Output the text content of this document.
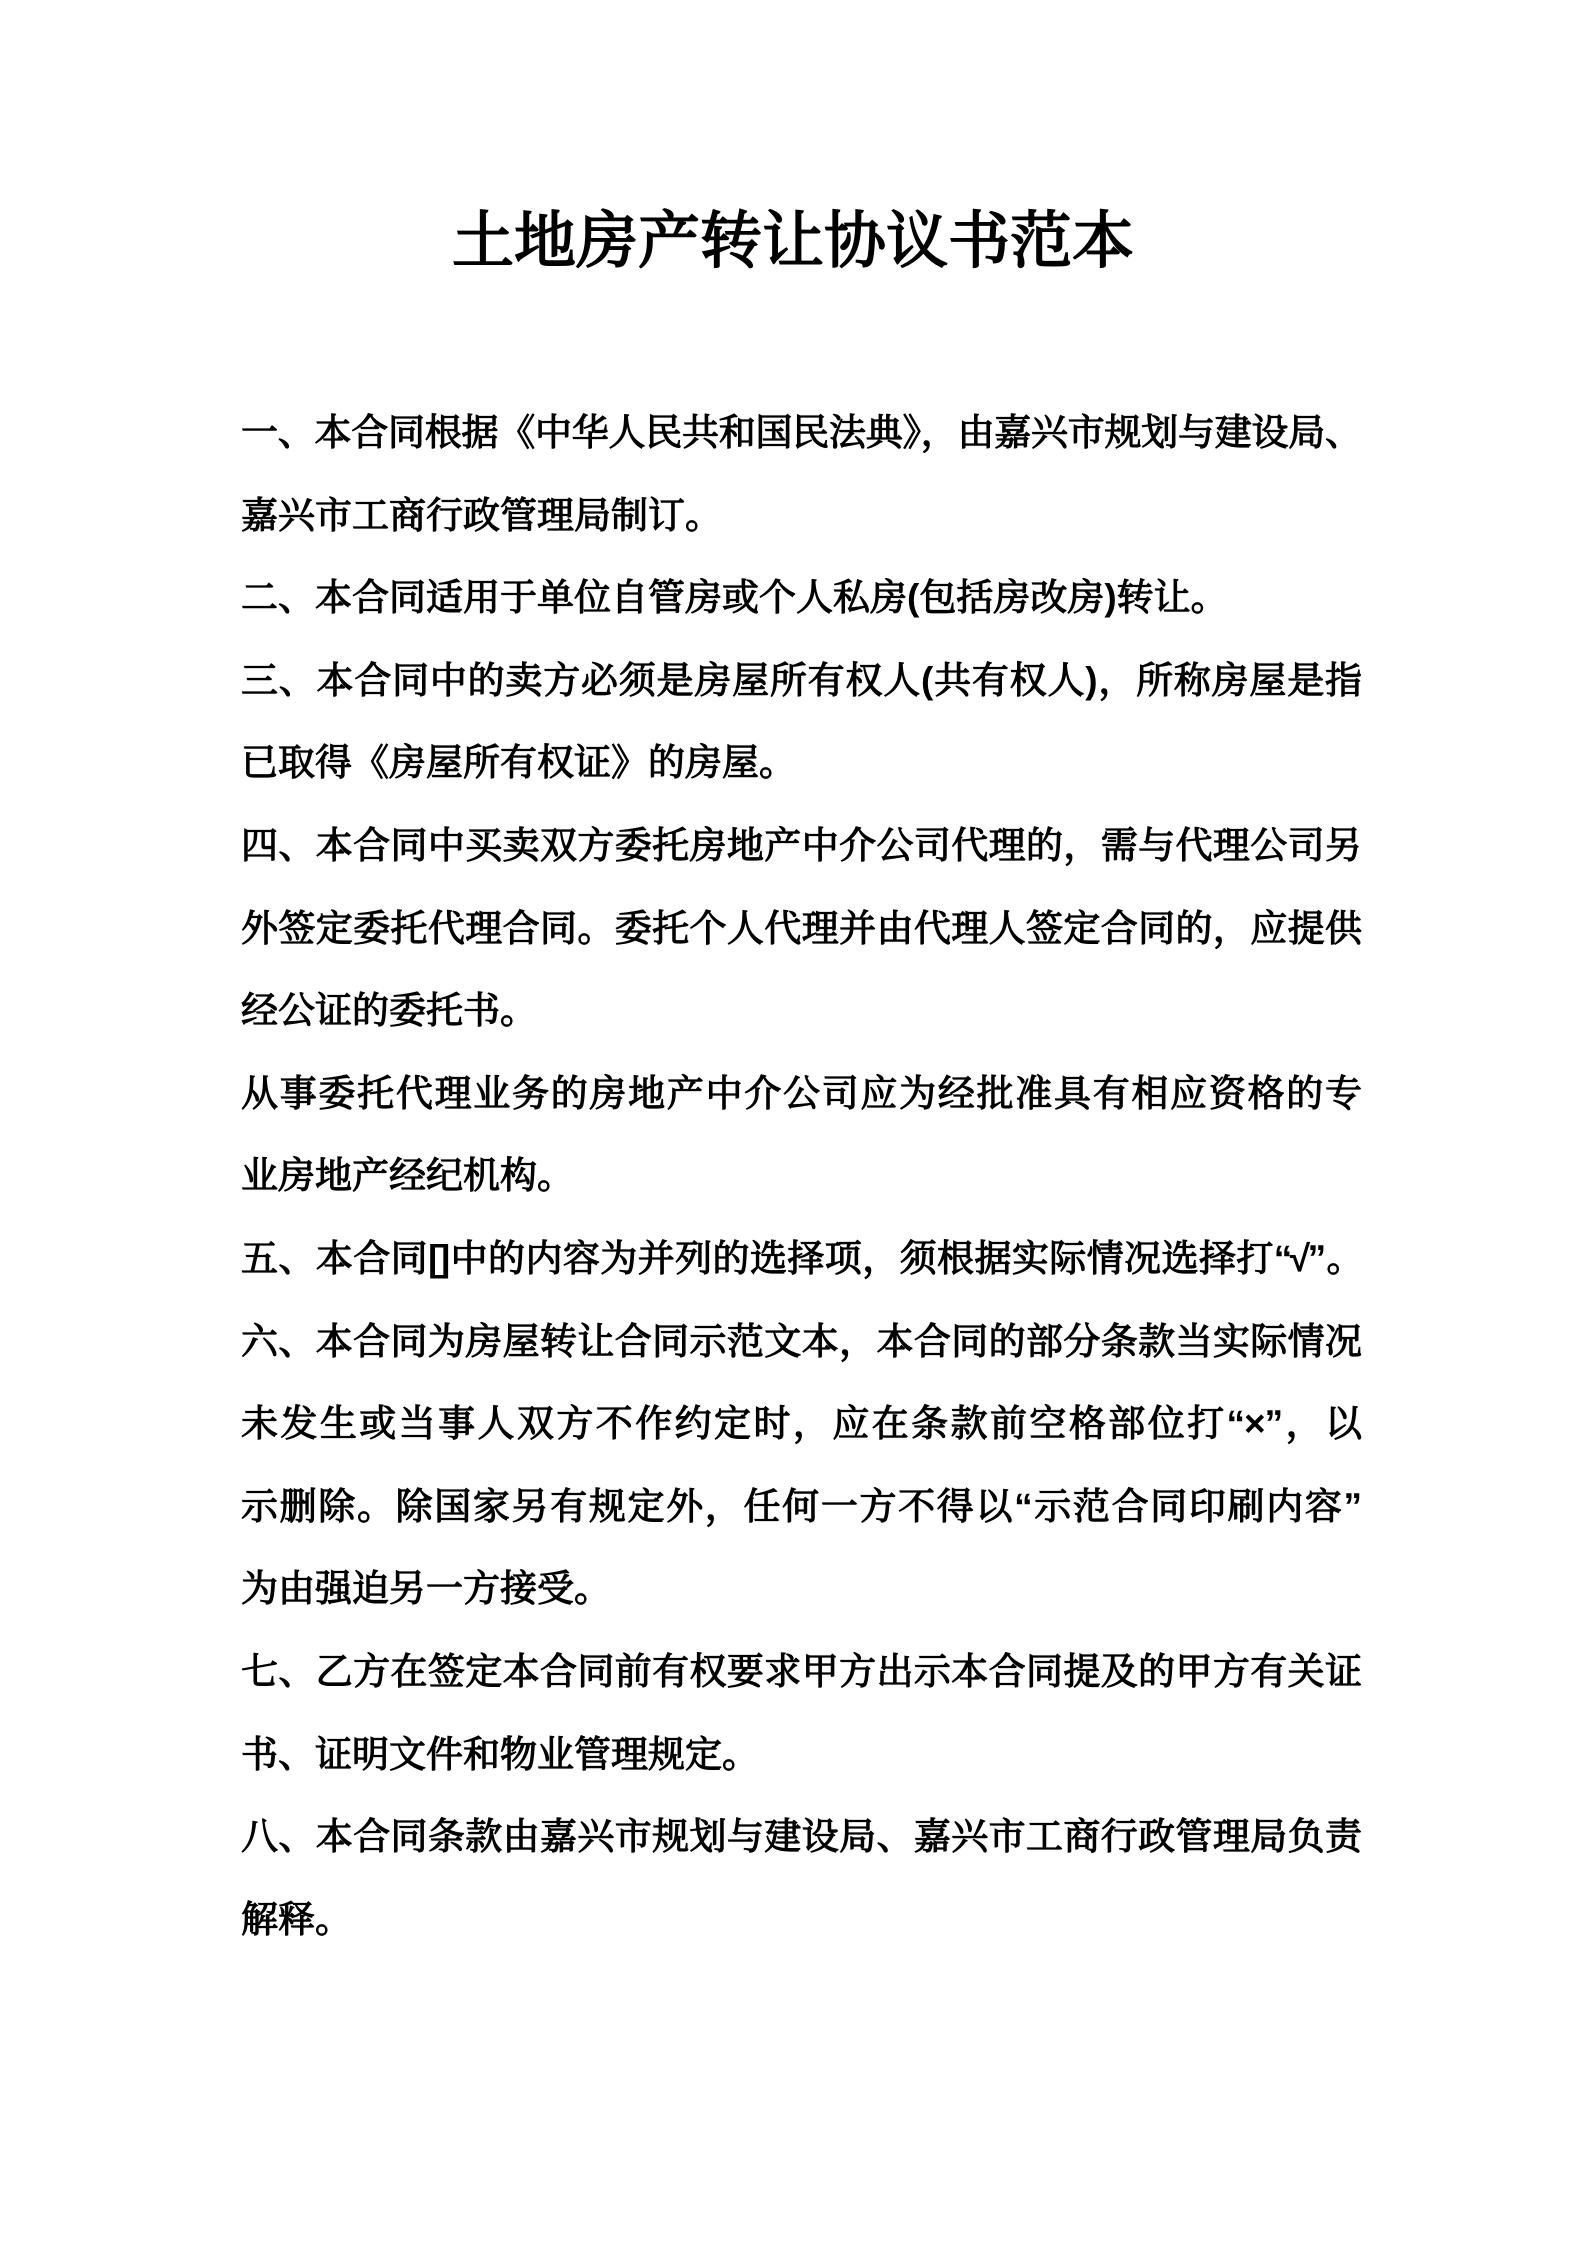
土地房产转让协议书范本
一、本合同根据《中华人民共和国民法典》，由嘉兴市规划与建设局、
嘉兴市工商行政管理局制订。
二、本合同适用于单位自管房或个人私房(包括房改房)转让。
三、本合同中的卖方必须是房屋所有权人(共有权人)，所称房屋是指
已取得《房屋所有权证》的房屋。
四、本合同中买卖双方委托房地产中介公司代理的，需与代理公司另
外签定委托代理合同。委托个人代理并由代理人签定合同的，应提供
经公证的委托书。
从事委托代理业务的房地产中介公司应为经批准具有相应资格的专
业房地产经纪机构。
五、本合同[]中的内容为并列的选择项，须根据实际情况选择打“√”。
六、本合同为房屋转让合同示范文本，本合同的部分条款当实际情况
未发生或当事人双方不作约定时，应在条款前空格部位打“×”，以
示删除。除国家另有规定外，任何一方不得以“示范合同印刷内容”
为由强迫另一方接受。
七、乙方在签定本合同前有权要求甲方出示本合同提及的甲方有关证
书、证明文件和物业管理规定。
八、本合同条款由嘉兴市规划与建设局、嘉兴市工商行政管理局负责
解释。
